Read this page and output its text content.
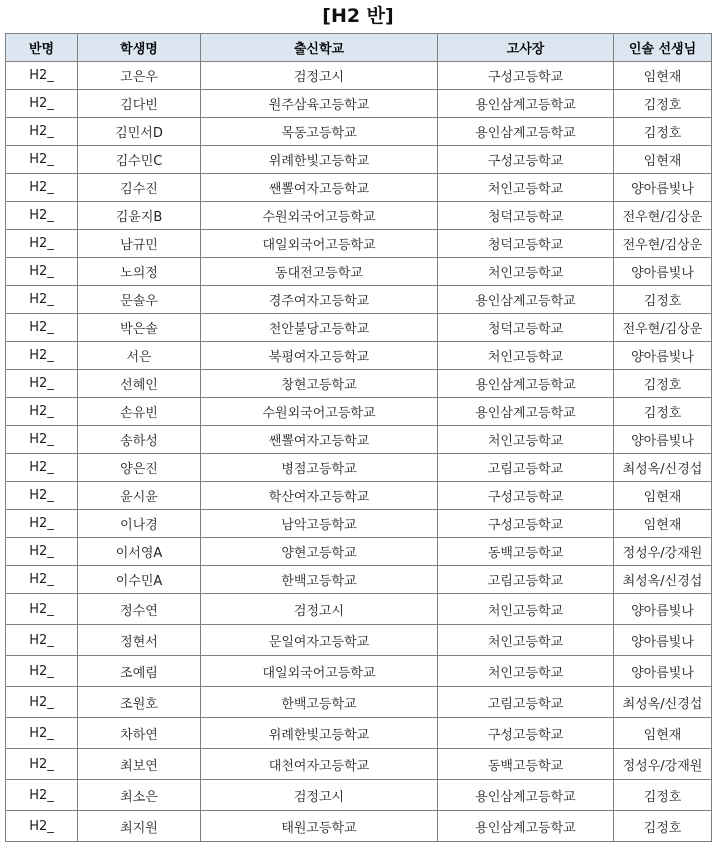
[H2 반]
반명	학생명	출신학교	고사장	인솔 선생님
H2_	고은우	검정고시	구성고등학교	임현재
H2_	김다빈	원주삼육고등학교	용인삼계고등학교	김정호
H2_	김민서D	목동고등학교	용인삼계고등학교	김정호
H2_	김수민C	위례한빛고등학교	구성고등학교	임현재
H2_	김수진	쌘뽈여자고등학교	처인고등학교	양아름빛나
H2_	김윤지B	수원외국어고등학교	청덕고등학교	전우현/김상운
H2_	남규민	대일외국어고등학교	청덕고등학교	전우현/김상운
H2_	노의정	동대전고등학교	처인고등학교	양아름빛나
H2_	문솔우	경주여자고등학교	용인삼계고등학교	김정호
H2_	박은솔	천안불당고등학교	청덕고등학교	전우현/김상운
H2_	서은	북평여자고등학교	처인고등학교	양아름빛나
H2_	선혜인	창현고등학교	용인삼계고등학교	김정호
H2_	손유빈	수원외국어고등학교	용인삼계고등학교	김정호
H2_	송하성	쌘뽈여자고등학교	처인고등학교	양아름빛나
H2_	양은진	병점고등학교	고림고등학교	최성옥/신경섭
H2_	윤시윤	학산여자고등학교	구성고등학교	임현재
H2_	이나경	남악고등학교	구성고등학교	임현재
H2_	이서영A	양현고등학교	동백고등학교	정성우/강재원
H2_	이수민A	한백고등학교	고림고등학교	최성옥/신경섭
H2_	정수연	검정고시	처인고등학교	양아름빛나
H2_	정현서	문일여자고등학교	처인고등학교	양아름빛나
H2_	조예림	대일외국어고등학교	처인고등학교	양아름빛나
H2_	조원호	한백고등학교	고림고등학교	최성옥/신경섭
H2_	차하연	위례한빛고등학교	구성고등학교	임현재
H2_	최보연	대천여자고등학교	동백고등학교	정성우/강재원
H2_	최소은	검정고시	용인삼계고등학교	김정호
H2_	최지원	태원고등학교	용인삼계고등학교	김정호
